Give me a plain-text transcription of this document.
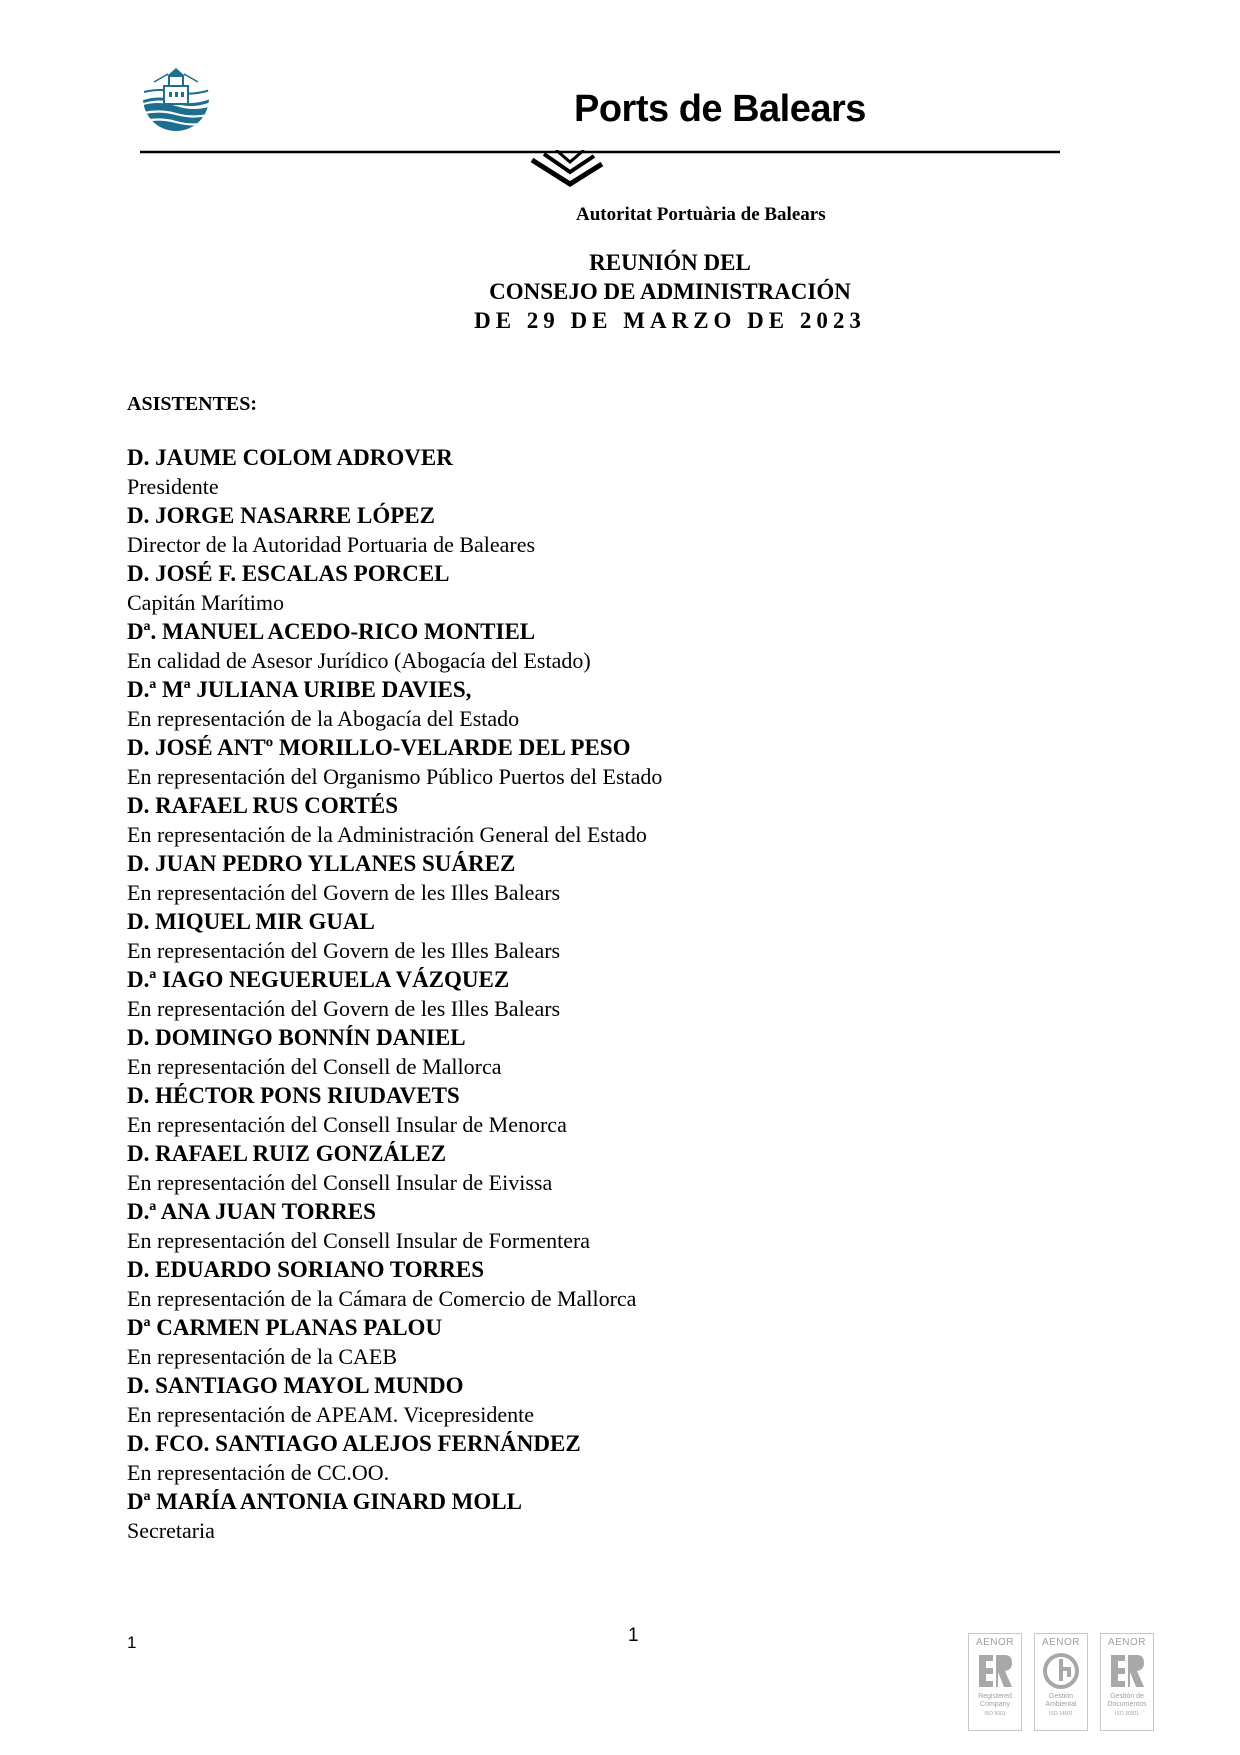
Ports de Balears
Autoritat Portuària de Balears
REUNIÓN DEL
CONSEJO DE ADMINISTRACIÓN
DE 29 DE MARZO DE 2023
ASISTENTES:
D. JAUME COLOM ADROVER
Presidente
D. JORGE NASARRE LÓPEZ
Director de la Autoridad Portuaria de Baleares
D. JOSÉ F. ESCALAS PORCEL
Capitán Marítimo
Dª. MANUEL ACEDO-RICO MONTIEL
En calidad de Asesor Jurídico (Abogacía del Estado)
D.ª Mª JULIANA URIBE DAVIES,
En representación de la Abogacía del Estado
D. JOSÉ ANTº MORILLO-VELARDE DEL PESO
En representación del Organismo Público Puertos del Estado
D. RAFAEL RUS CORTÉS
En representación de la Administración General del Estado
D. JUAN PEDRO YLLANES SUÁREZ
En representación del Govern de les Illes Balears
D. MIQUEL MIR GUAL
En representación del Govern de les Illes Balears
D.ª IAGO NEGUERUELA VÁZQUEZ
En representación del Govern de les Illes Balears
D. DOMINGO BONNÍN DANIEL
En representación del Consell de Mallorca
D. HÉCTOR PONS RIUDAVETS
En representación del Consell Insular de Menorca
D. RAFAEL RUIZ GONZÁLEZ
En representación del Consell Insular de Eivissa
D.ª ANA JUAN TORRES
En representación del Consell Insular de Formentera
D. EDUARDO SORIANO TORRES
En representación de la Cámara de Comercio de Mallorca
Dª CARMEN PLANAS PALOU
En representación de la CAEB
D. SANTIAGO MAYOL MUNDO
En representación de APEAM. Vicepresidente
D. FCO. SANTIAGO ALEJOS FERNÁNDEZ
En representación de CC.OO.
Dª MARÍA ANTONIA GINARD MOLL
Secretaria
1	1	AENOR
Registered
Company
ISO 9001
AENOR
Gestión
Ambiental
ISO 14001
AENOR
Gestión de
Documentos
ISO 30301
